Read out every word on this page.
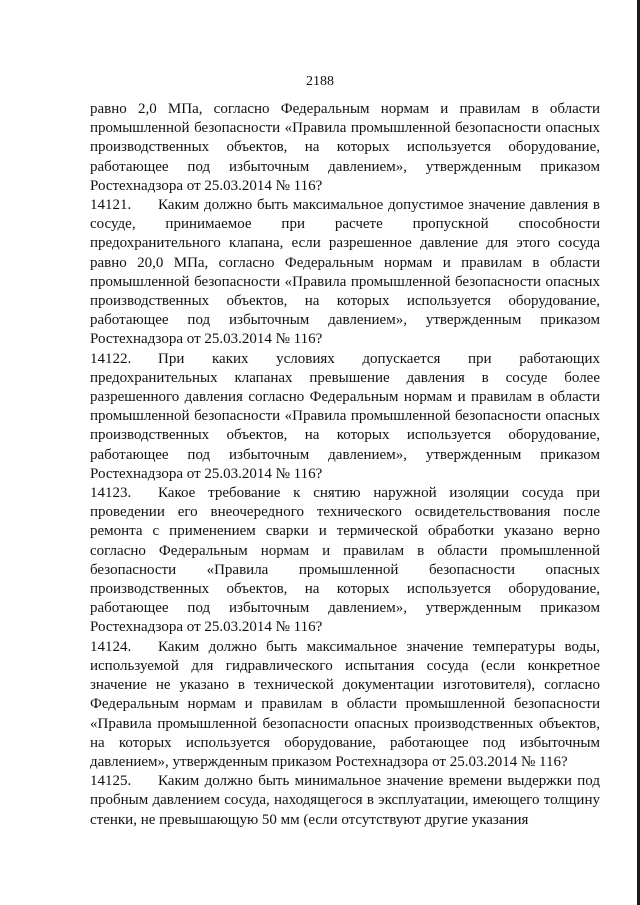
2188

равно 2,0 МПа, согласно Федеральным нормам и правилам в области промышленной безопасности «Правила промышленной безопасности опасных производственных объектов, на которых используется оборудование, работающее под избыточным давлением», утвержденным приказом Ростехнадзора от 25.03.2014 № 116?

14121. Каким должно быть максимальное допустимое значение давления в сосуде, принимаемое при расчете пропускной способности предохранительного клапана, если разрешенное давление для этого сосуда равно 20,0 МПа, согласно Федеральным нормам и правилам в области промышленной безопасности «Правила промышленной безопасности опасных производственных объектов, на которых используется оборудование, работающее под избыточным давлением», утвержденным приказом Ростехнадзора от 25.03.2014 № 116?

14122. При каких условиях допускается при работающих предохранительных клапанах превышение давления в сосуде более разрешенного давления согласно Федеральным нормам и правилам в области промышленной безопасности «Правила промышленной безопасности опасных производственных объектов, на которых используется оборудование, работающее под избыточным давлением», утвержденным приказом Ростехнадзора от 25.03.2014 № 116?

14123. Какое требование к снятию наружной изоляции сосуда при проведении его внеочередного технического освидетельствования после ремонта с применением сварки и термической обработки указано верно согласно Федеральным нормам и правилам в области промышленной безопасности «Правила промышленной безопасности опасных производственных объектов, на которых используется оборудование, работающее под избыточным давлением», утвержденным приказом Ростехнадзора от 25.03.2014 № 116?

14124. Каким должно быть максимальное значение температуры воды, используемой для гидравлического испытания сосуда (если конкретное значение не указано в технической документации изготовителя), согласно Федеральным нормам и правилам в области промышленной безопасности «Правила промышленной безопасности опасных производственных объектов, на которых используется оборудование, работающее под избыточным давлением», утвержденным приказом Ростехнадзора от 25.03.2014 № 116?

14125. Каким должно быть минимальное значение времени выдержки под пробным давлением сосуда, находящегося в эксплуатации, имеющего толщину стенки, не превышающую 50 мм (если отсутствуют другие указания
